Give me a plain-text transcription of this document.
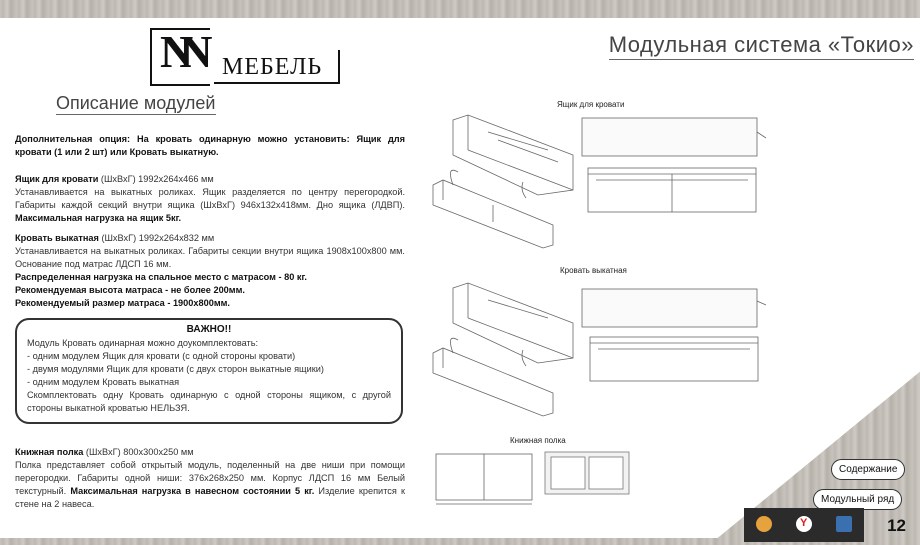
NN МЕБЕЛЬ
Модульная система «Токио»
Описание модулей
Дополнительная опция: На кровать одинарную можно установить: Ящик для кровати (1 или 2 шт) или Кровать выкатную.
Ящик для кровати (ШхВхГ) 1992х264х466 мм
Устанавливается на выкатных роликах. Ящик разделяется по центру перегородкой. Габариты каждой секций внутри ящика (ШхВхГ) 946х132х418мм. Дно ящика (ЛДВП). Максимальная нагрузка на ящик 5кг.
Кровать выкатная (ШхВхГ) 1992х264х832 мм
Устанавливается на выкатных роликах. Габариты секции внутри ящика 1908х100х800 мм. Основание под матрас ЛДСП 16 мм.
Распределенная нагрузка на спальное место с матрасом - 80 кг.
Рекомендуемая высота матраса - не более 200мм.
Рекомендуемый размер матраса - 1900х800мм.
ВАЖНО!!
Модуль Кровать одинарная можно доукомплектовать:
- одним модулем Ящик для кровати (с одной стороны кровати)
- двумя модулями Ящик для кровати (с двух сторон выкатные ящики)
- одним модулем Кровать выкатная
Скомплектовать одну Кровать одинарную с одной стороны ящиком, с другой стороны выкатной кроватью НЕЛЬЗЯ.
Книжная полка (ШхВхГ) 800х300х250 мм
Полка представляет собой открытый модуль, поделенный на две ниши при помощи перегородки. Габариты одной ниши: 376х268х250 мм. Корпус ЛДСП 16 мм Белый текстурный. Максимальная нагрузка в навесном состоянии 5 кг. Изделие крепится к стене на 2 навеса.
Ящик для кровати
Кровать выкатная
Книжная полка
Содержание
Модульный ряд
Y	12
